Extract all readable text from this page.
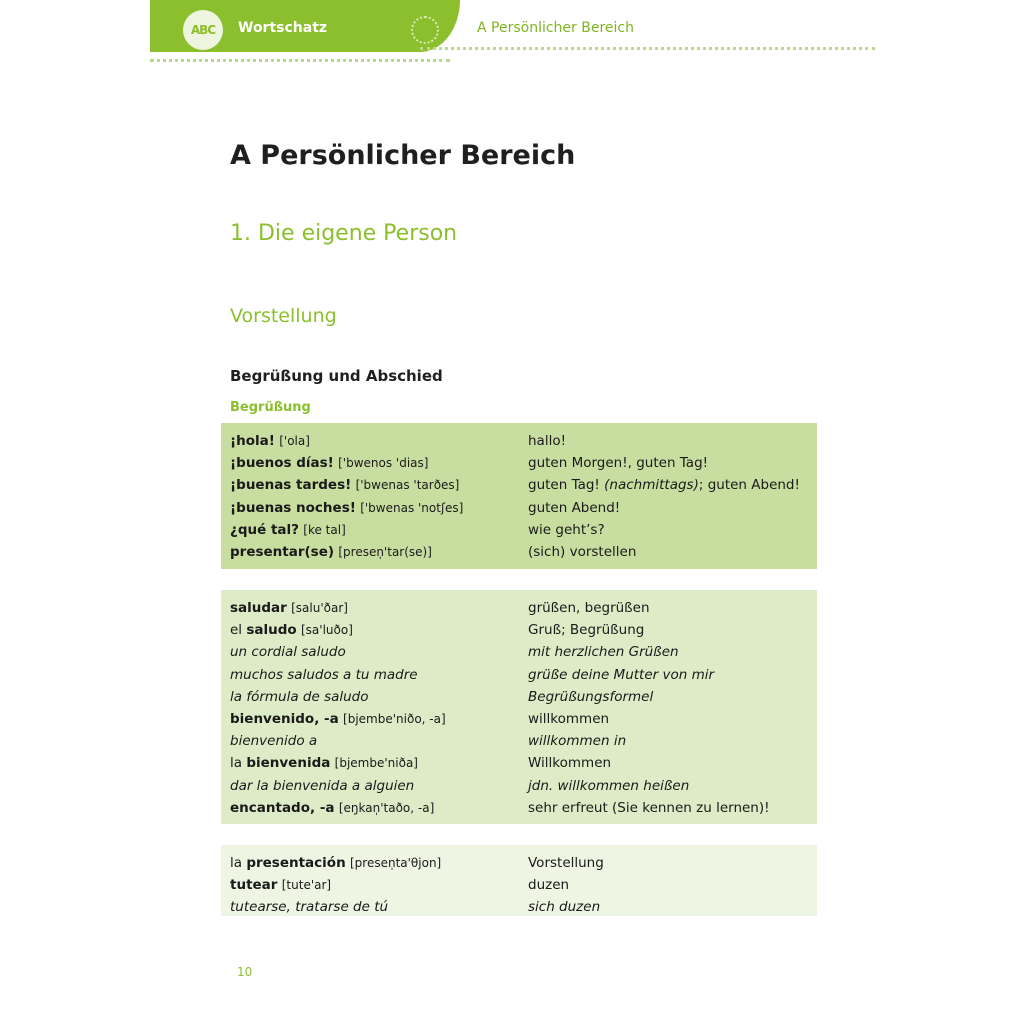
ABC Wortschatz	A Persönlicher Bereich
A Persönlicher Bereich
1. Die eigene Person
Vorstellung
Begrüßung und Abschied
Begrüßung
¡hola! ['ola]	hallo!
¡buenos días! ['bwenos 'dias]	guten Morgen!, guten Tag!
¡buenas tardes! ['bwenas 'tarðes]	guten Tag! (nachmittags); guten Abend!
¡buenas noches! ['bwenas 'notʃes]	guten Abend!
¿qué tal? [ke tal]	wie geht’s?
presentar(se) [presen̩'tar(se)]	(sich) vorstellen
saludar [salu'ðar]	grüßen, begrüßen
el saludo [sa'luðo]	Gruß; Begrüßung
un cordial saludo	mit herzlichen Grüßen
muchos saludos a tu madre	grüße deine Mutter von mir
la fórmula de saludo	Begrüßungsformel
bienvenido, -a [bjembe'niðo, -a]	willkommen
bienvenido a	willkommen in
la bienvenida [bjembe'niða]	Willkommen
dar la bienvenida a alguien	jdn. willkommen heißen
encantado, -a [eŋkan̩'taðo, -a]	sehr erfreut (Sie kennen zu lernen)!
la presentación [presen̩ta'θjon]	Vorstellung
tutear [tute'ar]	duzen
tutearse, tratarse de tú	sich duzen
10
